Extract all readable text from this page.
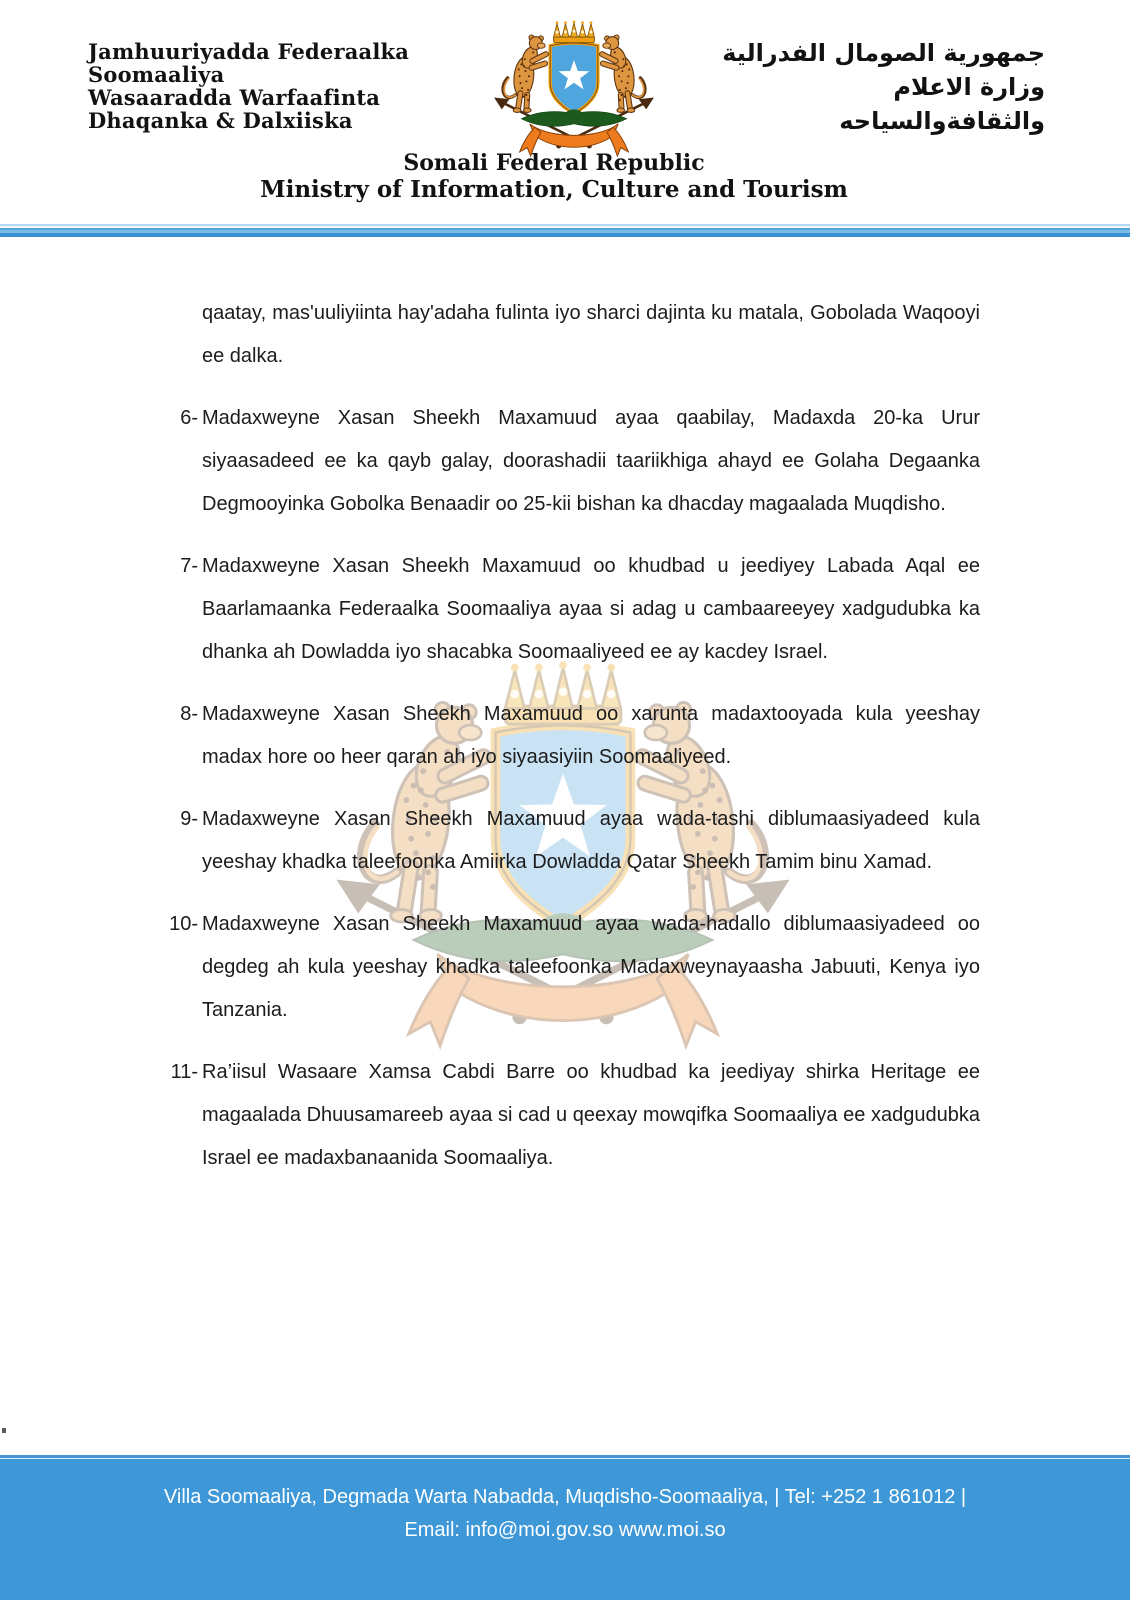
Jamhuuriyadda Federaalka
Soomaaliya
Wasaaradda Warfaafinta
Dhaqanka & Dalxiiska
جمهورية الصومال الفدرالية
وزارة الاعلام
والثقافةوالسياحه
Somali Federal Republic
Ministry of Information, Culture and Tourism

qaatay, mas'uuliyiinta hay'adaha fulinta iyo sharci dajinta ku matala, Gobolada Waqooyi ee dalka.

6- Madaxweyne Xasan Sheekh Maxamuud ayaa qaabilay, Madaxda 20-ka Urur siyaasadeed ee ka qayb galay, doorashadii taariikhiga ahayd ee Golaha Degaanka Degmooyinka Gobolka Benaadir oo 25-kii bishan ka dhacday magaalada Muqdisho.
7- Madaxweyne Xasan Sheekh Maxamuud oo khudbad u jeediyey Labada Aqal ee Baarlamaanka Federaalka Soomaaliya ayaa si adag u cambaareeyey xadgudubka ka dhanka ah Dowladda iyo shacabka Soomaaliyeed ee ay kacdey Israel.
8- Madaxweyne Xasan Sheekh Maxamuud oo xarunta madaxtooyada kula yeeshay madax hore oo heer qaran ah iyo siyaasiyiin Soomaaliyeed.
9- Madaxweyne Xasan Sheekh Maxamuud ayaa wada-tashi diblumaasiyadeed kula yeeshay khadka taleefoonka Amiirka Dowladda Qatar Sheekh Tamim binu Xamad.
10- Madaxweyne Xasan Sheekh Maxamuud ayaa wada-hadallo diblumaasiyadeed oo degdeg ah kula yeeshay khadka taleefoonka Madaxweynayaasha Jabuuti, Kenya iyo Tanzania.
11- Ra’iisul Wasaare Xamsa Cabdi Barre oo khudbad ka jeediyay shirka Heritage ee magaalada Dhuusamareeb ayaa si cad u qeexay mowqifka Soomaaliya ee xadgudubka Israel ee madaxbanaanida Soomaaliya.
Villa Soomaaliya, Degmada Warta Nabadda, Muqdisho-Soomaaliya, | Tel: +252 1 861012 |
Email: info@moi.gov.so www.moi.so
